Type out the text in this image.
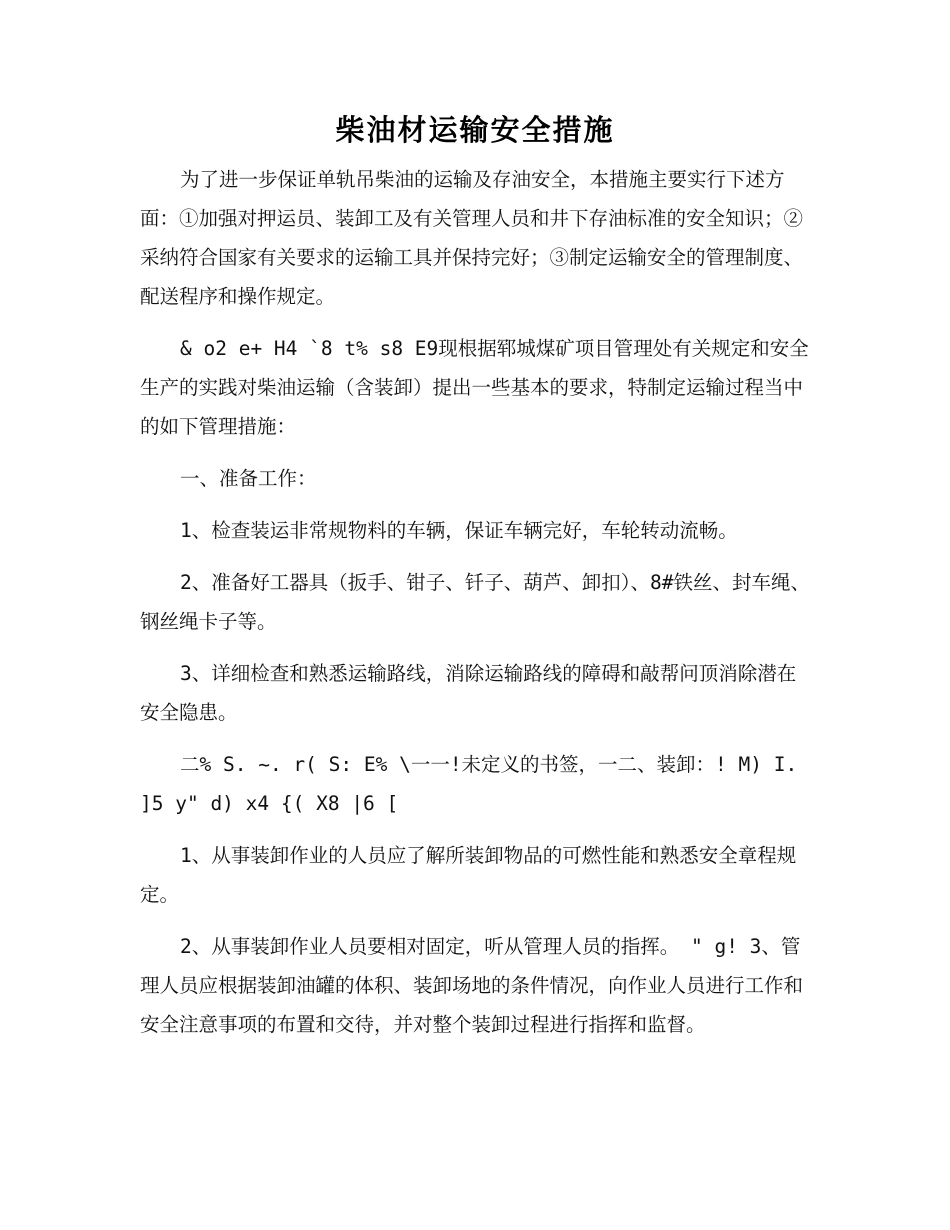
柴油材运输安全措施

为了进一步保证单轨吊柴油的运输及存油安全，本措施主要实行下述方面：①加强对押运员、装卸工及有关管理人员和井下存油标准的安全知识；②采纳符合国家有关要求的运输工具并保持完好；③制定运输安全的管理制度、配送程序和操作规定。

& o2 e+ H4 `8 t% s8 E9现根据郓城煤矿项目管理处有关规定和安全生产的实践对柴油运输（含装卸）提出一些基本的要求，特制定运输过程当中的如下管理措施：

一、准备工作：

1、检查装运非常规物料的车辆，保证车辆完好，车轮转动流畅。

2、准备好工器具（扳手、钳子、钎子、葫芦、卸扣）、8#铁丝、封车绳、钢丝绳卡子等。

3、详细检查和熟悉运输路线，消除运输路线的障碍和敲帮问顶消除潜在安全隐患。

二% S. ~. r( S: E% \一一!未定义的书签，一二、装卸：! M) I. ]5 y" d) x4 {( X8 |6 [

1、从事装卸作业的人员应了解所装卸物品的可燃性能和熟悉安全章程规定。

2、从事装卸作业人员要相对固定，听从管理人员的指挥。 " g! 3、管理人员应根据装卸油罐的体积、装卸场地的条件情况，向作业人员进行工作和安全注意事项的布置和交待，并对整个装卸过程进行指挥和监督。
